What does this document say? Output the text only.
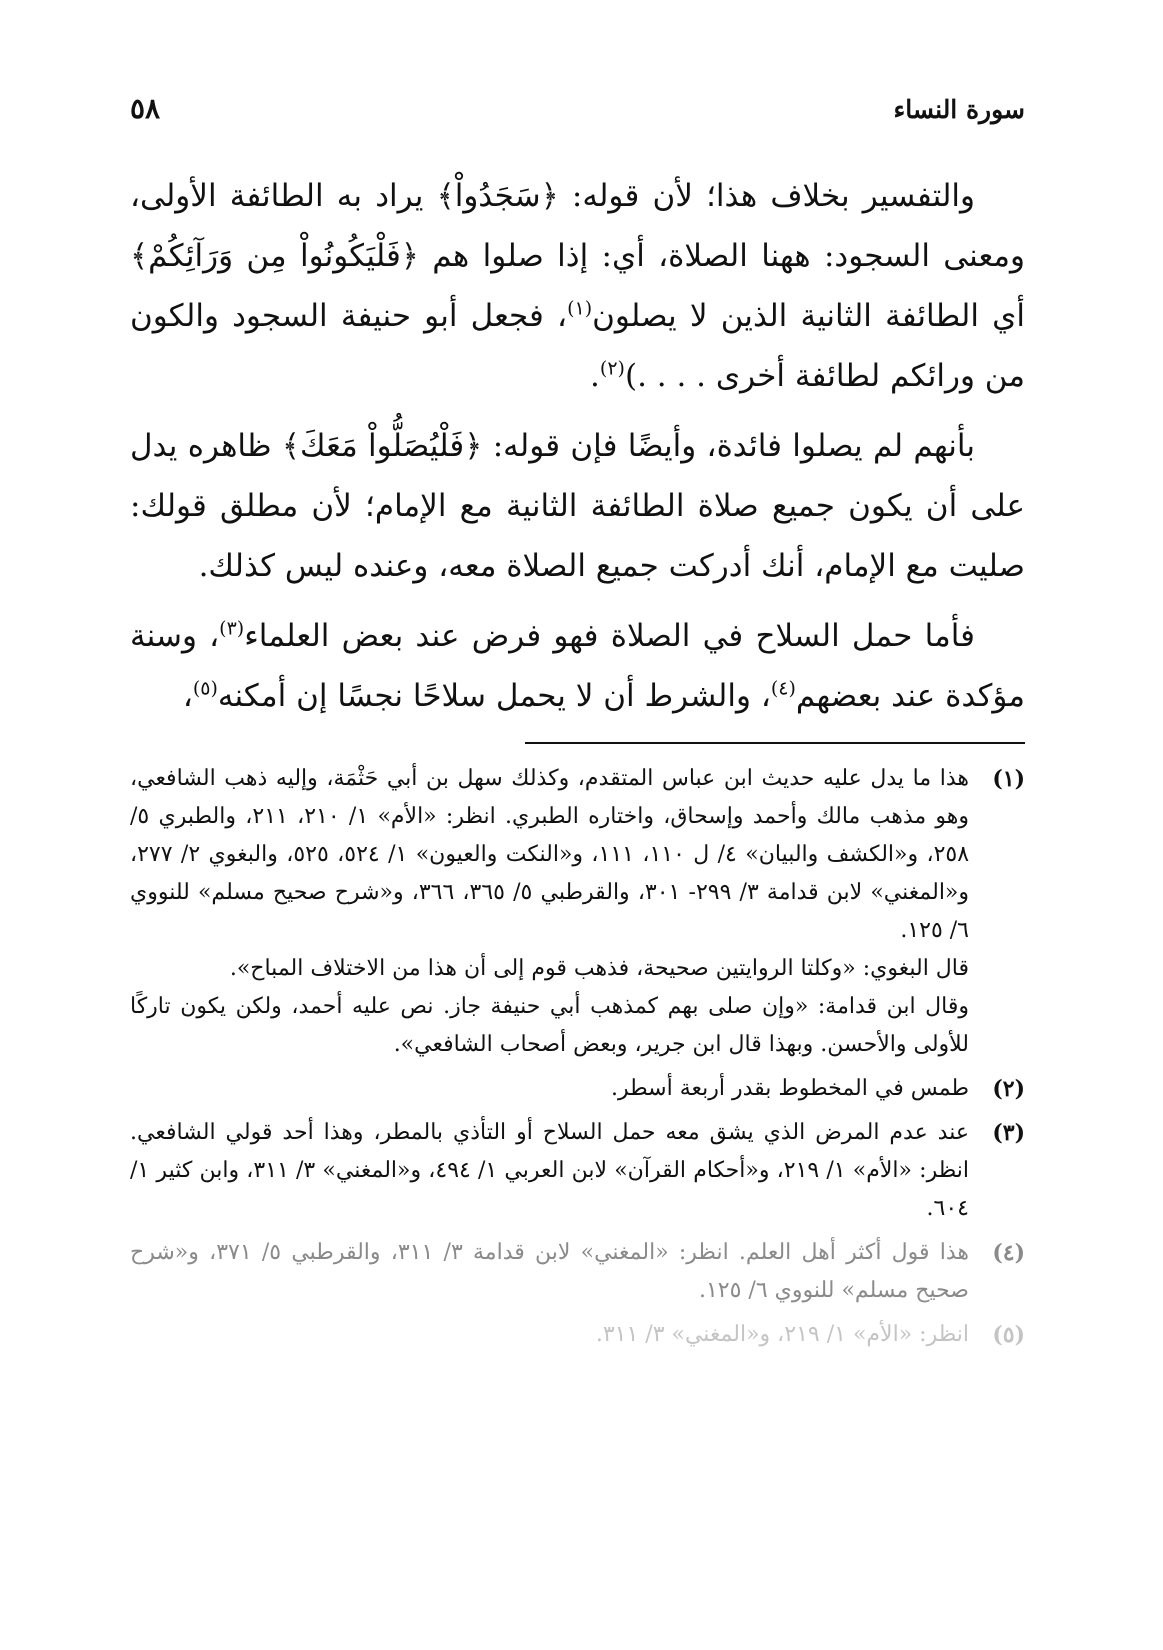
سورة النساء
٥٨

والتفسير بخلاف هذا؛ لأن قوله: ﴿سَجَدُواْ﴾ يراد به الطائفة الأولى، ومعنى السجود: ههنا الصلاة، أي: إذا صلوا هم ﴿فَلْيَكُونُواْ مِن وَرَآئِكُمْ﴾ أي الطائفة الثانية الذين لا يصلون$^{(١)}$، فجعل أبو حنيفة السجود والكون من ورائكم لطائفة أخرى . . . .)$^{(٢)}$.

بأنهم لم يصلوا فائدة، وأيضًا فإن قوله: ﴿فَلْيُصَلُّواْ مَعَكَ﴾ ظاهره يدل على أن يكون جميع صلاة الطائفة الثانية مع الإمام؛ لأن مطلق قولك: صليت مع الإمام، أنك أدركت جميع الصلاة معه، وعنده ليس كذلك.

فأما حمل السلاح في الصلاة فهو فرض عند بعض العلماء$^{(٣)}$، وسنة مؤكدة عند بعضهم$^{(٤)}$، والشرط أن لا يحمل سلاحًا نجسًا إن أمكنه$^{(٥)}$،

(١)

هذا ما يدل عليه حديث ابن عباس المتقدم، وكذلك سهل بن أبي حَثْمَة، وإليه ذهب الشافعي، وهو مذهب مالك وأحمد وإسحاق، واختاره الطبري. انظر: «الأم» ١/ ٢١٠، ٢١١، والطبري ٥/ ٢٥٨، و«الكشف والبيان» ٤/ ل ١١٠، ١١١، و«النكت والعيون» ١/ ٥٢٤، ٥٢٥، والبغوي ٢/ ٢٧٧، و«المغني» لابن قدامة ٣/ ٢٩٩- ٣٠١، والقرطبي ٥/ ٣٦٥، ٣٦٦، و«شرح صحيح مسلم» للنووي ٦/ ١٢٥.

قال البغوي: «وكلتا الروايتين صحيحة، فذهب قوم إلى أن هذا من الاختلاف المباح».

وقال ابن قدامة: «وإن صلى بهم كمذهب أبي حنيفة جاز. نص عليه أحمد، ولكن يكون تاركًا للأولى والأحسن. وبهذا قال ابن جرير، وبعض أصحاب الشافعي».

(٢)

طمس في المخطوط بقدر أربعة أسطر.

(٣)

عند عدم المرض الذي يشق معه حمل السلاح أو التأذي بالمطر، وهذا أحد قولي الشافعي. انظر: «الأم» ١/ ٢١٩، و«أحكام القرآن» لابن العربي ١/ ٤٩٤، و«المغني» ٣/ ٣١١، وابن كثير ١/ ٦٠٤.

(٤)

هذا قول أكثر أهل العلم. انظر: «المغني» لابن قدامة ٣/ ٣١١، والقرطبي ٥/ ٣٧١، و«شرح صحيح مسلم» للنووي ٦/ ١٢٥.

(٥)

انظر: «الأم» ١/ ٢١٩، و«المغني» ٣/ ٣١١.
